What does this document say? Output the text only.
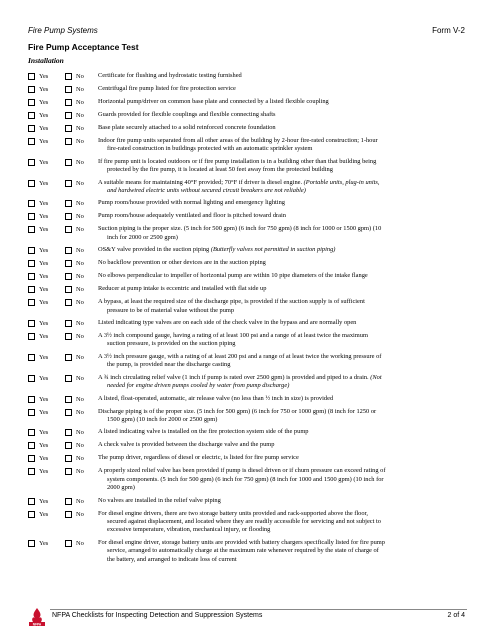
Fire Pump Systems	Form V-2
Fire Pump Acceptance Test
Installation
Yes	No	Certificate for flushing and hydrostatic testing furnished
Yes	No	Centrifugal fire pump listed for fire protection service
Yes	No	Horizontal pump/driver on common base plate and connected by a listed flexible coupling
Yes	No	Guards provided for flexible couplings and flexible connecting shafts
Yes	No	Base plate securely attached to a solid reinforced concrete foundation
Yes	No	Indoor fire pump units separated from all other areas of the building by 2-hour fire-rated construction; 1-hour
fire-rated construction in buildings protected with an automatic sprinkler system
Yes	No	If fire pump unit is located outdoors or if fire pump installation is in a building other than that building being
protected by the fire pump, it is located at least 50 feet away from the protected building
Yes	No	A suitable means for maintaining 40°F provided; 70°F if driver is diesel engine. (Portable units, plug-in units,
and hardwired electric units without secured circuit breakers are not reliable)
Yes	No	Pump room/house provided with normal lighting and emergency lighting
Yes	No	Pump room/house adequately ventilated and floor is pitched toward drain
Yes	No	Suction piping is the proper size. (5 inch for 500 gpm) (6 inch for 750 gpm) (8 inch for 1000 or 1500 gpm) (10
inch for 2000 or 2500 gpm)
Yes	No	OS&Y valve provided in the suction piping (Butterfly valves not permitted in suction piping)
Yes	No	No backflow prevention or other devices are in the suction piping
Yes	No	No elbows perpendicular to impeller of horizontal pump are within 10 pipe diameters of the intake flange
Yes	No	Reducer at pump intake is eccentric and installed with flat side up
Yes	No	A bypass, at least the required size of the discharge pipe, is provided if the suction supply is of sufficient
pressure to be of material value without the pump
Yes	No	Listed indicating type valves are on each side of the check valve in the bypass and are normally open
Yes	No	A 3½ inch compound gauge, having a rating of at least 100 psi and a range of at least twice the maximum
suction pressure, is provided on the suction piping
Yes	No	A 3½ inch pressure gauge, with a rating of at least 200 psi and a range of at least twice the working pressure of
the pump, is provided near the discharge casting
Yes	No	A ¾ inch circulating relief valve (1 inch if pump is rated over 2500 gpm) is provided and piped to a drain. (Not
needed for engine driven pumps cooled by water from pump discharge)
Yes	No	A listed, float-operated, automatic, air release valve (no less than ½ inch in size) is provided
Yes	No	Discharge piping is of the proper size. (5 inch for 500 gpm) (6 inch for 750 or 1000 gpm) (8 inch for 1250 or
1500 gpm) (10 inch for 2000 or 2500 gpm)
Yes	No	A listed indicating valve is installed on the fire protection system side of the pump
Yes	No	A check valve is provided between the discharge valve and the pump
Yes	No	The pump driver, regardless of diesel or electric, is listed for fire pump service
Yes	No	A properly sized relief valve has been provided if pump is diesel driven or if churn pressure can exceed rating of
system components. (5 inch for 500 gpm) (6 inch for 750 gpm) (8 inch for 1000 and 1500 gpm) (10 inch for
2000 gpm)
Yes	No	No valves are installed in the relief valve piping
Yes	No	For diesel engine drivers, there are two storage battery units provided and rack-supported above the floor,
secured against displacement, and located where they are readily accessible for servicing and not subject to
excessive temperature, vibration, mechanical injury, or flooding
Yes	No	For diesel engine driver, storage battery units are provided with battery chargers specifically listed for fire pump
service, arranged to automatically charge at the maximum rate whenever required by the state of charge of
the battery, and arranged to indicate loss of current
NFPA
NFPA Checklists for Inspecting Detection and Suppression Systems	2 of 4
